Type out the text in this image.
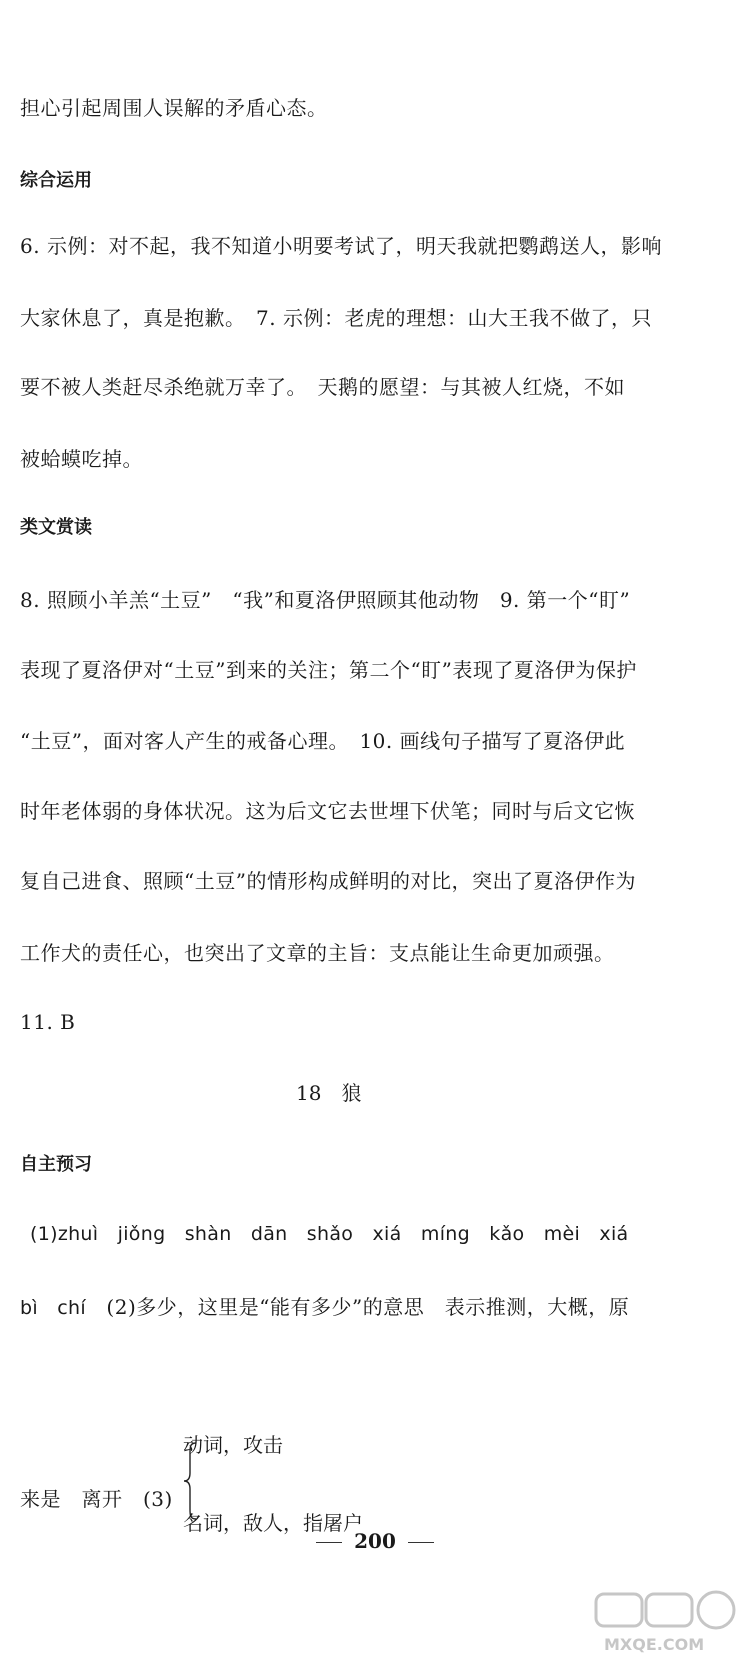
担心引起周围人误解的矛盾心态。
综合运用
6. 示例：对不起，我不知道小明要考试了，明天我就把鹦鹉送人，影响
大家休息了，真是抱歉。　7. 示例：老虎的理想：山大王我不做了，只
要不被人类赶尽杀绝就万幸了。　天鹅的愿望：与其被人红烧，不如
被蛤蟆吃掉。
类文赏读
8. 照顾小羊羔“土豆”　“我”和夏洛伊照顾其他动物　9. 第一个“盯”
表现了夏洛伊对“土豆”到来的关注；第二个“盯”表现了夏洛伊为保护
“土豆”，面对客人产生的戒备心理。　10. 画线句子描写了夏洛伊此
时年老体弱的身体状况。这为后文它去世埋下伏笔；同时与后文它恢
复自己进食、照顾“土豆”的情形构成鲜明的对比，突出了夏洛伊作为
工作犬的责任心，也突出了文章的主旨：支点能让生命更加顽强。
11. B
18　狼
自主预习
(1)zhuì　jiǒng　shàn　dān　shǎo　xiá　míng　kǎo　mèi　xiá
bì　chí　(2)多少，这里是“能有多少”的意思　表示推测，大概，原
来是　离开　(3)
动词，攻击
名词，敌人，指屠户
200
MXQE.COM
